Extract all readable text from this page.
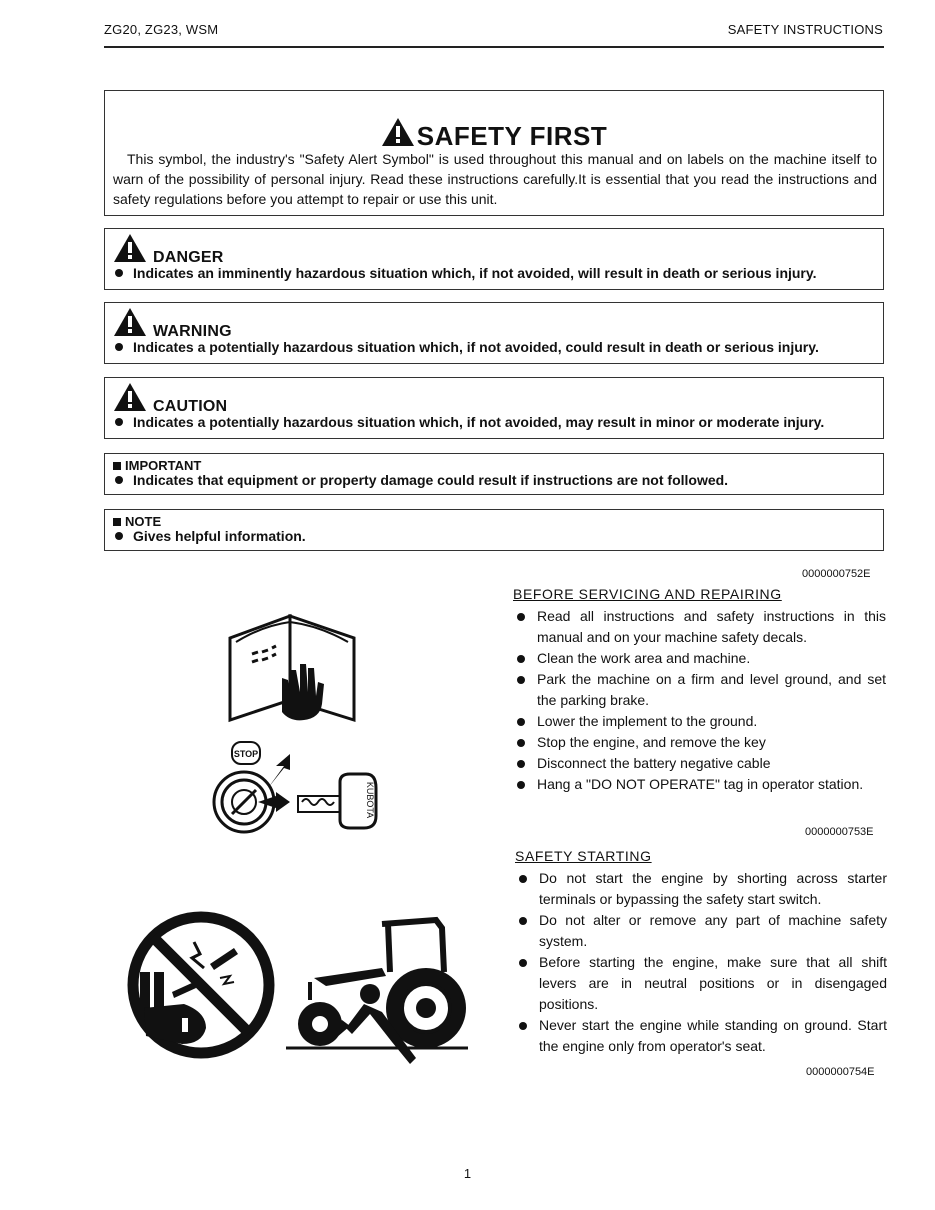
ZG20, ZG23, WSM	SAFETY INSTRUCTIONS
SAFETY FIRST
This symbol, the industry's "Safety Alert Symbol" is used throughout this manual and on labels on the machine itself to warn of the possibility of personal injury. Read these instructions carefully.It is essential that you read the instructions and safety regulations before you attempt to repair or use this unit.
DANGER
Indicates an imminently hazardous situation which, if not avoided, will result in death or serious injury.
WARNING
Indicates a potentially hazardous situation which, if not avoided, could result in death or serious injury.
CAUTION
Indicates a potentially hazardous situation which, if not avoided, may result in minor or moderate injury.
IMPORTANT
Indicates that equipment or property damage could result if instructions are not followed.
NOTE
Gives helpful information.
0000000752E
BEFORE SERVICING AND REPAIRING
Read all instructions and safety instructions in this manual and on your machine safety decals.
Clean the work area and machine.
Park the machine on a firm and level ground, and set the parking brake.
Lower the implement to the ground.
Stop the engine, and remove the key
Disconnect the battery negative cable
Hang a "DO NOT OPERATE" tag in operator station.
0000000753E
SAFETY STARTING
Do not start the engine by shorting across starter terminals or bypassing the safety start switch.
Do not alter or remove any part of machine safety system.
Before starting the engine, make sure that all shift levers are in neutral positions or in disengaged positions.
Never start the engine while standing on ground. Start the engine only from operator's seat.
0000000754E
STOP
KUBOTA
1
